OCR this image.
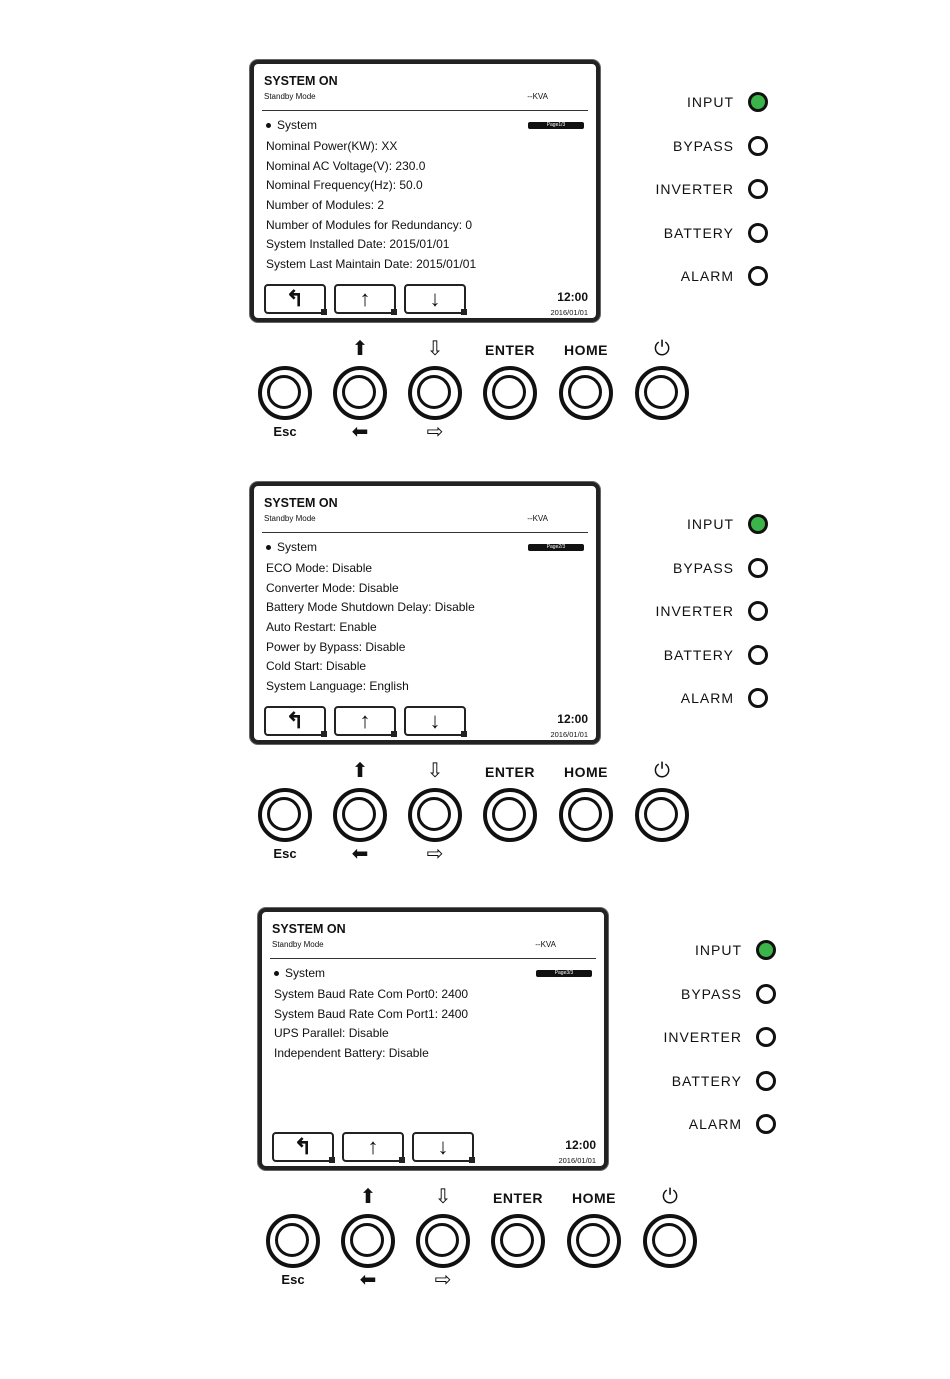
SYSTEM ON
Standby Mode	--KVA
System	Page1/3
Nominal Power(KW): XX
Nominal AC Voltage(V): 230.0
Nominal Frequency(Hz): 50.0
Number of Modules: 2
Number of Modules for Redundancy: 0
System Installed Date: 2015/01/01
System Last Maintain Date: 2015/01/01
↰	↑	↓	12:00
2016/01/01
INPUT
BYPASS
INVERTER
BATTERY
ALARM
Esc
⬆
⬅
⇩
⇨
ENTER HOME ⏻
SYSTEM ON
Standby Mode	--KVA
System	Page2/3
ECO Mode: Disable
Converter Mode: Disable
Battery Mode Shutdown Delay: Disable
Auto Restart: Enable
Power by Bypass: Disable
Cold Start: Disable
System Language: English
↰	↑	↓	12:00
2016/01/01
INPUT
BYPASS
INVERTER
BATTERY
ALARM
Esc
⬆
⬅
⇩
⇨
ENTER HOME ⏻
SYSTEM ON
Standby Mode	--KVA
System	Page3/3
System Baud Rate Com Port0: 2400
System Baud Rate Com Port1: 2400
UPS Parallel: Disable
Independent Battery: Disable
↰	↑	↓	12:00
2016/01/01
INPUT
BYPASS
INVERTER
BATTERY
ALARM
Esc
⬆
⬅
⇩
⇨
ENTER HOME ⏻
